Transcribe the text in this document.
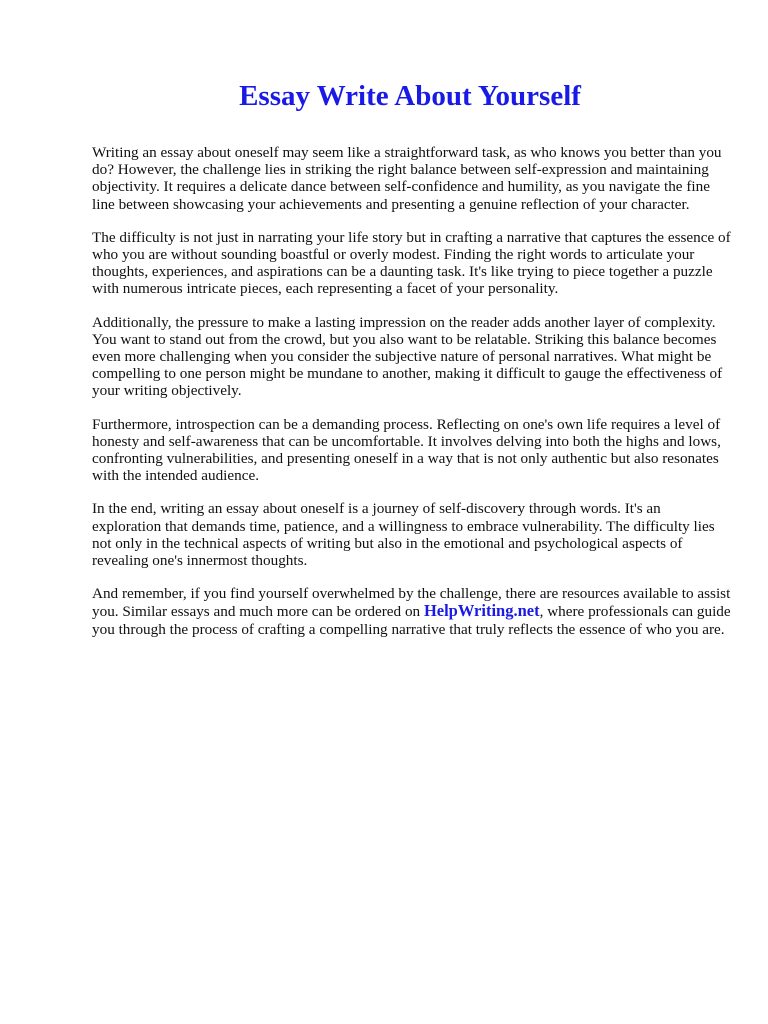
Essay Write About Yourself

Writing an essay about oneself may seem like a straightforward task, as who knows you better than you do? However, the challenge lies in striking the right balance between self-expression and maintaining objectivity. It requires a delicate dance between self-confidence and humility, as you navigate the fine line between showcasing your achievements and presenting a genuine reflection of your character.

The difficulty is not just in narrating your life story but in crafting a narrative that captures the essence of who you are without sounding boastful or overly modest. Finding the right words to articulate your thoughts, experiences, and aspirations can be a daunting task. It's like trying to piece together a puzzle with numerous intricate pieces, each representing a facet of your personality.

Additionally, the pressure to make a lasting impression on the reader adds another layer of complexity. You want to stand out from the crowd, but you also want to be relatable. Striking this balance becomes even more challenging when you consider the subjective nature of personal narratives. What might be compelling to one person might be mundane to another, making it difficult to gauge the effectiveness of your writing objectively.

Furthermore, introspection can be a demanding process. Reflecting on one's own life requires a level of honesty and self-awareness that can be uncomfortable. It involves delving into both the highs and lows, confronting vulnerabilities, and presenting oneself in a way that is not only authentic but also resonates with the intended audience.

In the end, writing an essay about oneself is a journey of self-discovery through words. It's an exploration that demands time, patience, and a willingness to embrace vulnerability. The difficulty lies not only in the technical aspects of writing but also in the emotional and psychological aspects of revealing one's innermost thoughts.

And remember, if you find yourself overwhelmed by the challenge, there are resources available to assist you. Similar essays and much more can be ordered on HelpWriting.net, where professionals can guide you through the process of crafting a compelling narrative that truly reflects the essence of who you are.
